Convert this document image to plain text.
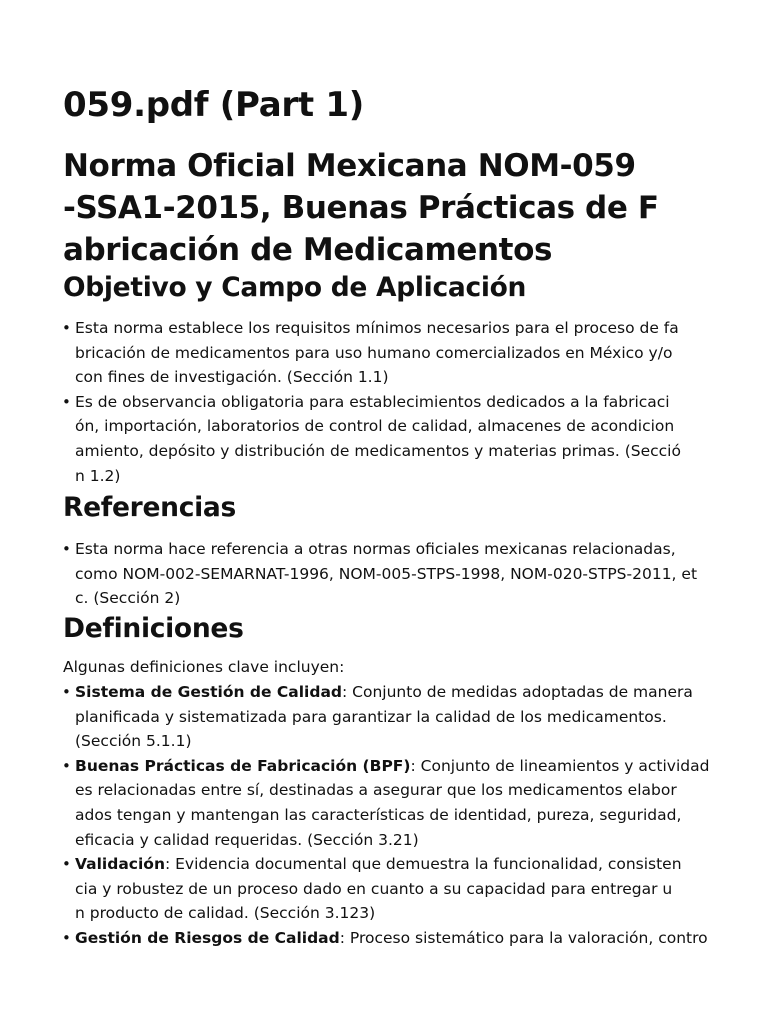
059.pdf (Part 1)
Norma Oficial Mexicana NOM-059
-SSA1-2015, Buenas Prácticas de F
abricación de Medicamentos
Objetivo y Campo de Aplicación
• Esta norma establece los requisitos mínimos necesarios para el proceso de fa
bricación de medicamentos para uso humano comercializados en México y/o
con fines de investigación. (Sección 1.1)
• Es de observancia obligatoria para establecimientos dedicados a la fabricaci
ón, importación, laboratorios de control de calidad, almacenes de acondicion
amiento, depósito y distribución de medicamentos y materias primas. (Secció
n 1.2)
Referencias
• Esta norma hace referencia a otras normas oficiales mexicanas relacionadas,
como NOM-002-SEMARNAT-1996, NOM-005-STPS-1998, NOM-020-STPS-2011, et
c. (Sección 2)
Definiciones

Algunas definiciones clave incluyen:

• Sistema de Gestión de Calidad: Conjunto de medidas adoptadas de manera
planificada y sistematizada para garantizar la calidad de los medicamentos.
(Sección 5.1.1)
• Buenas Prácticas de Fabricación (BPF): Conjunto de lineamientos y actividad
es relacionadas entre sí, destinadas a asegurar que los medicamentos elabor
ados tengan y mantengan las características de identidad, pureza, seguridad,
eficacia y calidad requeridas. (Sección 3.21)
• Validación: Evidencia documental que demuestra la funcionalidad, consisten
cia y robustez de un proceso dado en cuanto a su capacidad para entregar u
n producto de calidad. (Sección 3.123)
• Gestión de Riesgos de Calidad: Proceso sistemático para la valoración, contro
